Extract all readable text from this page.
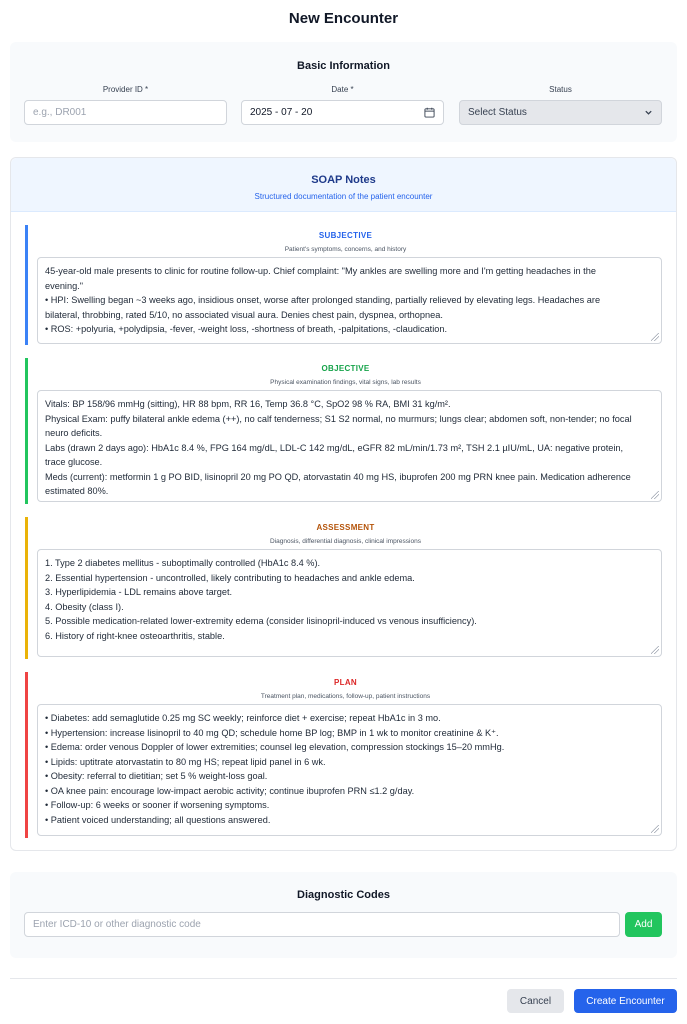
New Encounter
Basic Information
Provider ID *
e.g., DR001	Date *
2025 - 07 - 20
Status
Select Status
SOAP Notes
Structured documentation of the patient encounter
SUBJECTIVE
Patient's symptoms, concerns, and history
45-year-old male presents to clinic for routine follow-up. Chief complaint: "My ankles are swelling more and I'm getting headaches in the
evening."
• HPI: Swelling began ~3 weeks ago, insidious onset, worse after prolonged standing, partially relieved by elevating legs. Headaches are
bilateral, throbbing, rated 5/10, no associated visual aura. Denies chest pain, dyspnea, orthopnea.
• ROS: +polyuria, +polydipsia, -fever, -weight loss, -shortness of breath, -palpitations, -claudication.
OBJECTIVE
Physical examination findings, vital signs, lab results
Vitals: BP 158/96 mmHg (sitting), HR 88 bpm, RR 16, Temp 36.8 °C, SpO2 98 % RA, BMI 31 kg/m².
Physical Exam: puffy bilateral ankle edema (++), no calf tenderness; S1 S2 normal, no murmurs; lungs clear; abdomen soft, non-tender; no focal
neuro deficits.
Labs (drawn 2 days ago): HbA1c 8.4 %, FPG 164 mg/dL, LDL-C 142 mg/dL, eGFR 82 mL/min/1.73 m², TSH 2.1 µIU/mL, UA: negative protein,
trace glucose.
Meds (current): metformin 1 g PO BID, lisinopril 20 mg PO QD, atorvastatin 40 mg HS, ibuprofen 200 mg PRN knee pain. Medication adherence
estimated 80%.
ASSESSMENT
Diagnosis, differential diagnosis, clinical impressions
1. Type 2 diabetes mellitus - suboptimally controlled (HbA1c 8.4 %).
2. Essential hypertension - uncontrolled, likely contributing to headaches and ankle edema.
3. Hyperlipidemia - LDL remains above target.
4. Obesity (class I).
5. Possible medication-related lower-extremity edema (consider lisinopril-induced vs venous insufficiency).
6. History of right-knee osteoarthritis, stable.
PLAN
Treatment plan, medications, follow-up, patient instructions
• Diabetes: add semaglutide 0.25 mg SC weekly; reinforce diet + exercise; repeat HbA1c in 3 mo.
• Hypertension: increase lisinopril to 40 mg QD; schedule home BP log; BMP in 1 wk to monitor creatinine & K⁺.
• Edema: order venous Doppler of lower extremities; counsel leg elevation, compression stockings 15–20 mmHg.
• Lipids: uptitrate atorvastatin to 80 mg HS; repeat lipid panel in 6 wk.
• Obesity: referral to dietitian; set 5 % weight-loss goal.
• OA knee pain: encourage low-impact aerobic activity; continue ibuprofen PRN ≤1.2 g/day.
• Follow-up: 6 weeks or sooner if worsening symptoms.
• Patient voiced understanding; all questions answered.
Diagnostic Codes
Enter ICD-10 or other diagnostic code
Add
Cancel	Create Encounter
